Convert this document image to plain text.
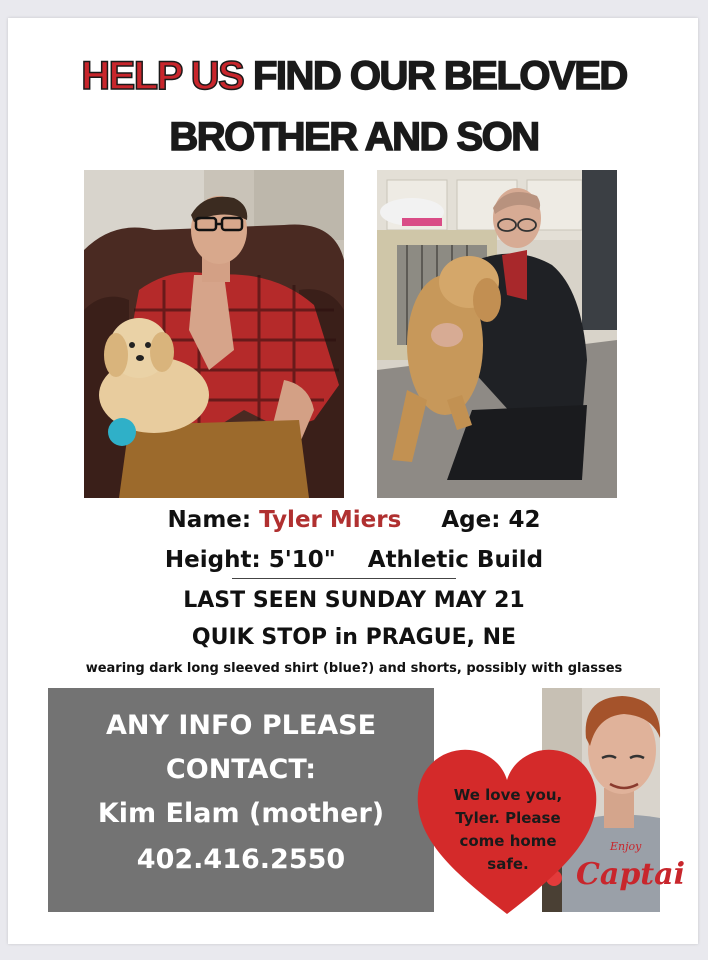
HELP US FIND OUR BELOVED
BROTHER AND SON
Name: Tyler Miers Age: 42
Height: 5'10" Athletic Build
LAST SEEN SUNDAY MAY 21
QUIK STOP in PRAGUE, NE
wearing dark long sleeved shirt (blue?) and shorts, possibly with glasses
ANY INFO PLEASE
CONTACT:
Kim Elam (mother)
402.416.2550	Enjoy
Captai
We love you,
Tyler. Please
come home
safe.
